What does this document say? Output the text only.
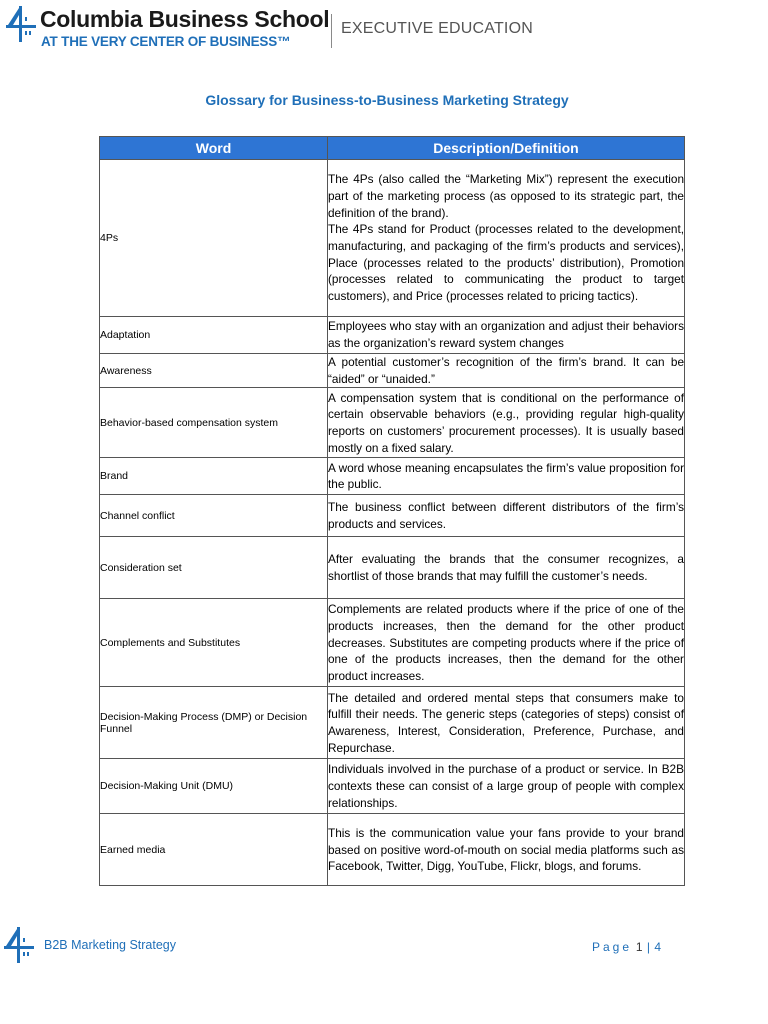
Columbia Business School
AT THE VERY CENTER OF BUSINESS™
EXECUTIVE EDUCATION
Glossary for Business-to-Business Marketing Strategy
Word	Description/Definition
4Ps	The 4Ps (also called the “Marketing Mix”) represent the execution part of the marketing process (as opposed to its strategic part, the definition of the brand).
The 4Ps stand for Product (processes related to the development, manufacturing, and packaging of the firm’s products and services), Place (processes related to the products’ distribution), Promotion (processes related to communicating the product to target customers), and Price (processes related to pricing tactics).

Adaptation	Employees who stay with an organization and adjust their behaviors as the organization’s reward system changes
Awareness	A potential customer’s recognition of the firm’s brand. It can be “aided” or “unaided.”
Behavior-based compensation system	A compensation system that is conditional on the performance of certain observable behaviors (e.g., providing regular high-quality reports on customers’ procurement processes). It is usually based mostly on a fixed salary.
Brand	A word whose meaning encapsulates the firm’s value proposition for the public.
Channel conflict	The business conflict between different distributors of the firm’s products and services.
Consideration set	After evaluating the brands that the consumer recognizes, a shortlist of those brands that may fulfill the customer’s needs.
Complements and Substitutes	Complements are related products where if the price of one of the products increases, then the demand for the other product decreases. Substitutes are competing products where if the price of one of the products increases, then the demand for the other product increases.
Decision-Making Process (DMP) or Decision Funnel	The detailed and ordered mental steps that consumers make to fulfill their needs. The generic steps (categories of steps) consist of Awareness, Interest, Consideration, Preference, Purchase, and Repurchase.
Decision-Making Unit (DMU)	Individuals involved in the purchase of a product or service. In B2B contexts these can consist of a large group of people with complex relationships.
Earned media	This is the communication value your fans provide to your brand based on positive word-of-mouth on social media platforms such as Facebook, Twitter, Digg, YouTube, Flickr, blogs, and forums.
B2B Marketing Strategy	Page 1 | 4
